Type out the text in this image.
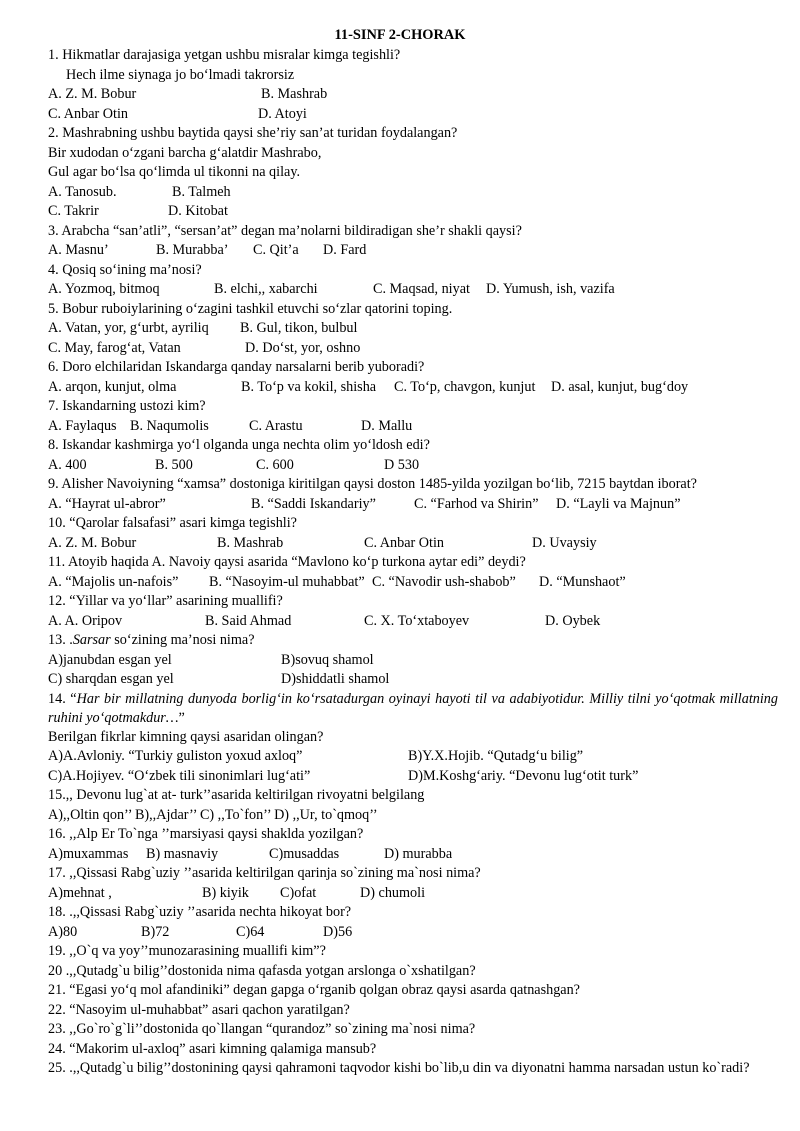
11-SINF 2-CHORAK
1. Hikmatlar darajasiga yetgan ushbu misralar kimga tegishli?
Hech ilme siynaga jo bo‘lmadi takrorsiz
A. Z. M. Bobur	B. Mashrab
C. Anbar Otin	D. Atoyi
2. Mashrabning ushbu baytida qaysi she’riy san’at turidan foydalangan?
Bir xudodan o‘zgani barcha g‘alatdir Mashrabo,
Gul agar bo‘lsa qo‘limda ul tikonni na qilay.
A. Tanosub.	B. Talmeh
C. Takrir	D. Kitobat
3. Arabcha “san’atli”, “sersan’at” degan ma’nolarni bildiradigan she’r shakli qaysi?
A. Masnu’	B. Murabba’ C. Qit’a D. Fard
4. Qosiq so‘ining ma’nosi?
A. Yozmoq, bitmoq	B. elchi,, xabarchi	C. Maqsad, niyat D. Yumush, ish, vazifa
5. Bobur ruboiylarining o‘zagini tashkil etuvchi so‘zlar qatorini toping.
A. Vatan, yor, g‘urbt, ayriliq B. Gul, tikon, bulbul
C. May, farog‘at, Vatan	D. Do‘st, yor, oshno
6. Doro elchilaridan Iskandarga qanday narsalarni berib yuboradi?
A. arqon, kunjut, olma	B. To‘p va kokil, shisha C. To‘p, chavgon, kunjut D. asal, kunjut, bug‘doy
7. Iskandarning ustozi kim?
A. Faylaqus B. Naqumolis	C. Arastu	D. Mallu
8. Iskandar kashmirga yo‘l olganda unga nechta olim yo‘ldosh edi?
A. 400	B. 500	C. 600	D 530
9. Alisher Navoiyning “xamsa” dostoniga kiritilgan qaysi doston 1485-yilda yozilgan bo‘lib, 7215 baytdan iborat?
A. “Hayrat ul-abror”	B. “Saddi Iskandariy”	C. “Farhod va Shirin” D. “Layli va Majnun”
10. “Qarolar falsafasi” asari kimga tegishli?
A. Z. M. Bobur	B. Mashrab	C. Anbar Otin	D. Uvaysiy
11. Atoyib haqida A. Navoiy qaysi asarida “Mavlono ko‘p turkona aytar edi” deydi?
A. “Majolis un-nafois” B. “Nasoyim-ul muhabbat” C. “Navodir ush-shabob” D. “Munshaot”
12. “Yillar va yo‘llar” asarining muallifi?
A. A. Oripov	B. Said Ahmad	C. X. To‘xtaboyev	D. Oybek
13. .Sarsar so‘zining ma’nosi nima?
A)janubdan esgan yel	B)sovuq shamol
C) sharqdan esgan yel	D)shiddatli shamol
14. “Har bir millatning dunyoda borlig‘in ko‘rsatadurgan oyinayi hayoti til va adabiyotidur. Milliy tilni yo‘qotmak millatning ruhini yo‘qotmakdur…”
Berilgan fikrlar kimning qaysi asaridan olingan?
A)A.Avloniy. “Turkiy guliston yoxud axloq”	B)Y.X.Hojib. “Qutadg‘u bilig”
C)A.Hojiyev. “O‘zbek tili sinonimlari lug‘ati”	D)M.Koshg‘ariy. “Devonu lug‘otit turk”
15.,, Devonu lug`at at- turk’’asarida keltirilgan rivoyatni belgilang
A),,Oltin qon’’ B),,Ajdar’’ C) ,,To`fon’’ D) ,,Ur, to`qmoq’’
16. ,,Alp Er To`nga ’’marsiyasi qaysi shaklda yozilgan?
A)muxammas B) masnaviy	C)musaddas	D) murabba
17. ,,Qissasi Rabg`uziy ’’asarida keltirilgan qarinja so`zining ma`nosi nima?
A)mehnat ,	B) kiyik C)ofat	D) chumoli
18. .,,Qissasi Rabg`uziy ’’asarida nechta hikoyat bor?
A)80	B)72	C)64	D)56
19. ,,O`q va yoy’’munozarasining muallifi kim”?
20 .,,Qutadg`u bilig’’dostonida nima qafasda yotgan arslonga o`xshatilgan?
21. “Egasi yo‘q mol afandiniki” degan gapga o‘rganib qolgan obraz qaysi asarda qatnashgan?
22. “Nasoyim ul-muhabbat” asari qachon yaratilgan?
23. ,,Go`ro`g`li’’dostonida qo`llangan “qurandoz” so`zining ma`nosi nima?
24. “Makorim ul-axloq” asari kimning qalamiga mansub?
25. .,,Qutadg`u bilig’’dostonining qaysi qahramoni taqvodor kishi bo`lib,u din va diyonatni hamma narsadan ustun ko`radi?
